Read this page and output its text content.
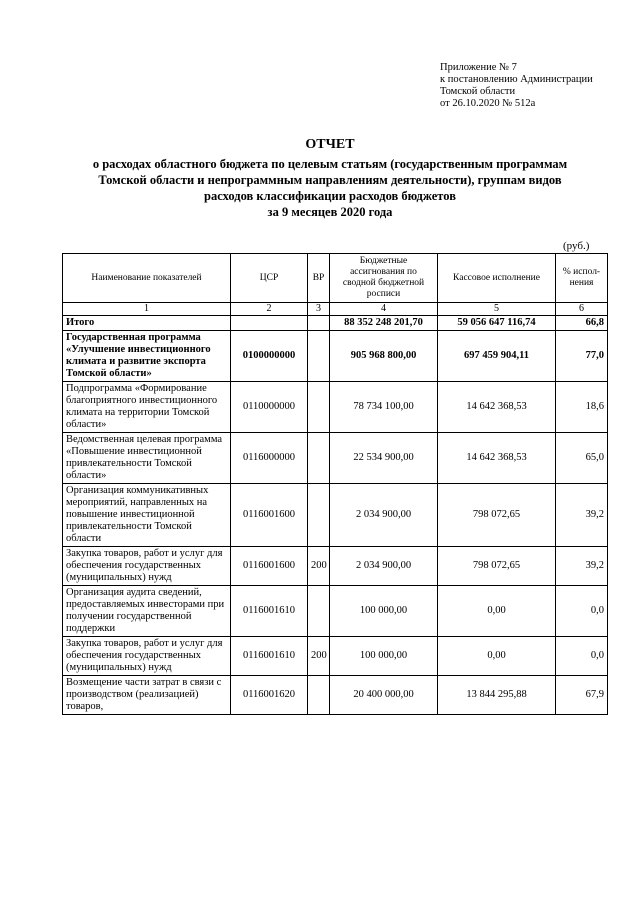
Приложение № 7
к постановлению Администрации
Томской области
от 26.10.2020 № 512а
ОТЧЕТ
о расходах областного бюджета по целевым статьям (государственным программам
Томской области и непрограммным направлениям деятельности), группам видов
расходов классификации расходов бюджетов
за 9 месяцев 2020 года
(руб.)
Наименование показателей	ЦСР	ВР	Бюджетные ассигнования по сводной бюджетной росписи	Кассовое исполнение	% испол-нения
1	2	3	4	5	6
Итого			88 352 248 201,70	59 056 647 116,74	66,8
Государственная программа «Улучшение инвестиционного климата и развитие экспорта Томской области»	0100000000		905 968 800,00	697 459 904,11	77,0
Подпрограмма «Формирование благоприятного инвестиционного климата на территории Томской области»	0110000000		78 734 100,00	14 642 368,53	18,6
Ведомственная целевая программа «Повышение инвестиционной привлекательности Томской области»	0116000000		22 534 900,00	14 642 368,53	65,0
Организация коммуникативных мероприятий, направленных на повышение инвестиционной привлекательности Томской области	0116001600		2 034 900,00	798 072,65	39,2
Закупка товаров, работ и услуг для обеспечения государственных (муниципальных) нужд	0116001600	200	2 034 900,00	798 072,65	39,2
Организация аудита сведений, предоставляемых инвесторами при получении государственной поддержки	0116001610		100 000,00	0,00	0,0
Закупка товаров, работ и услуг для обеспечения государственных (муниципальных) нужд	0116001610	200	100 000,00	0,00	0,0
Возмещение части затрат в связи с производством (реализацией) товаров,	0116001620		20 400 000,00	13 844 295,88	67,9
